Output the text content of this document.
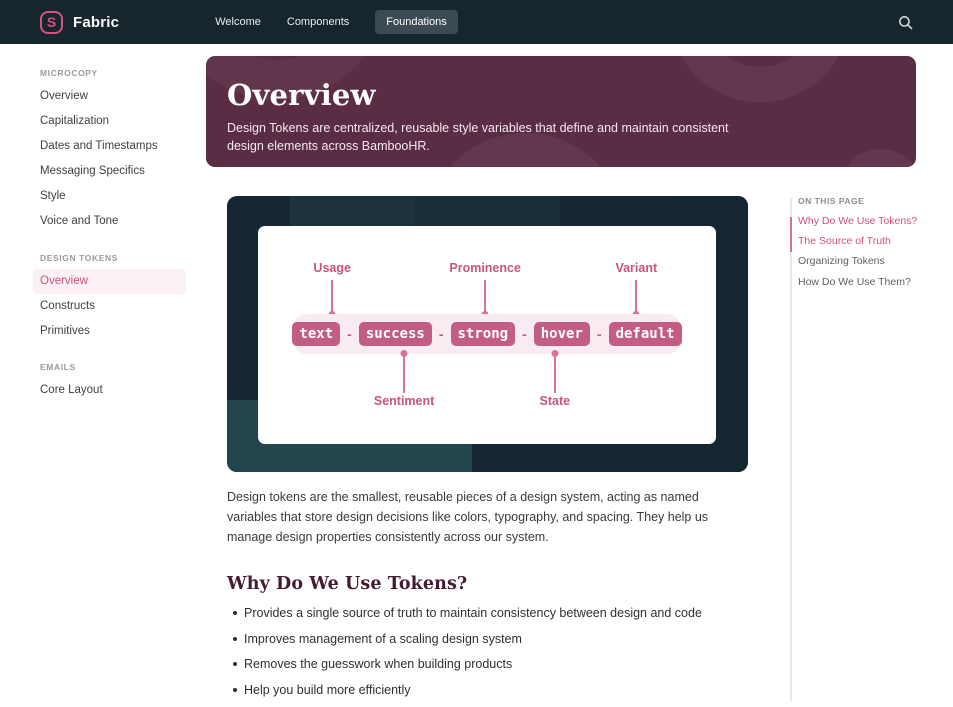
S	Fabric	Welcome Components	Foundations
MICROCOPY
Overview
Capitalization
Dates and Timestamps
Messaging Specifics
Style
Voice and Tone
DESIGN TOKENS
Overview
Constructs
Primitives
EMAILS
Core Layout
Overview
Design Tokens are centralized, reusable style variables that define and maintain consistent design elements across BambooHR.
Usage	Prominence	Variant
text	-	success	-	strong	-	hover	-	default
Sentiment	State

Design tokens are the smallest, reusable pieces of a design system, acting as named variables that store design decisions like colors, typography, and spacing. They help us manage design properties consistently across our system.

Why Do We Use Tokens?
Provides a single source of truth to maintain consistency between design and code
Improves management of a scaling design system
Removes the guesswork when building products
Help you build more efficiently
ON THIS PAGE
Why Do We Use Tokens?
The Source of Truth
Organizing Tokens
How Do We Use Them?
